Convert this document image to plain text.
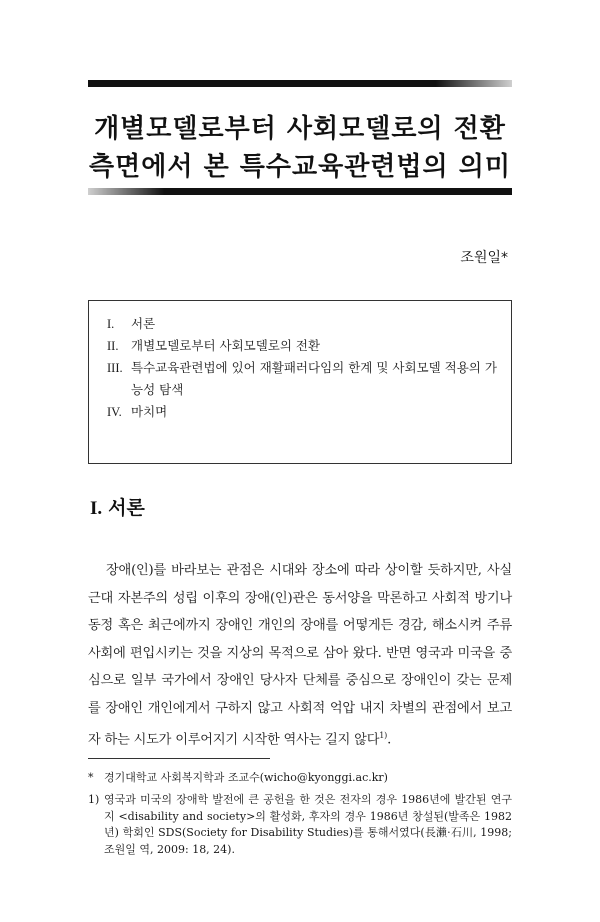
개별모델로부터 사회모델로의 전환
측면에서 본 특수교육관련법의 의미
조원일*
I.	서론
II.	개별모델로부터 사회모델로의 전환
III. 특수교육관련법에 있어 재활패러다임의 한계 및 사회모델 적용의 가능성 탐색
IV. 마치며
I. 서론

장애(인)를 바라보는 관점은 시대와 장소에 따라 상이할 듯하지만, 사실 근대 자본주의 성립 이후의 장애(인)관은 동서양을 막론하고 사회적 방기나 동정 혹은 최근에까지 장애인 개인의 장애를 어떻게든 경감, 해소시켜 주류 사회에 편입시키는 것을 지상의 목적으로 삼아 왔다. 반면 영국과 미국을 중심으로 일부 국가에서 장애인 당사자 단체를 중심으로 장애인이 갖는 문제를 장애인 개인에게서 구하지 않고 사회적 억압 내지 차별의 관점에서 보고자 하는 시도가 이루어지기 시작한 역사는 길지 않다$^{1)}$.

* 경기대학교 사회복지학과 조교수(wicho@kyonggi.ac.kr)
1) 영국과 미국의 장애학 발전에 큰 공헌을 한 것은 전자의 경우 1986년에 발간된 연구지 <disability and society>의 활성화, 후자의 경우 1986년 창설된(발족은 1982년) 학회인 SDS(Society for Disability Studies)를 통해서였다(長瀨·石川, 1998; 조원일 역, 2009: 18, 24).
